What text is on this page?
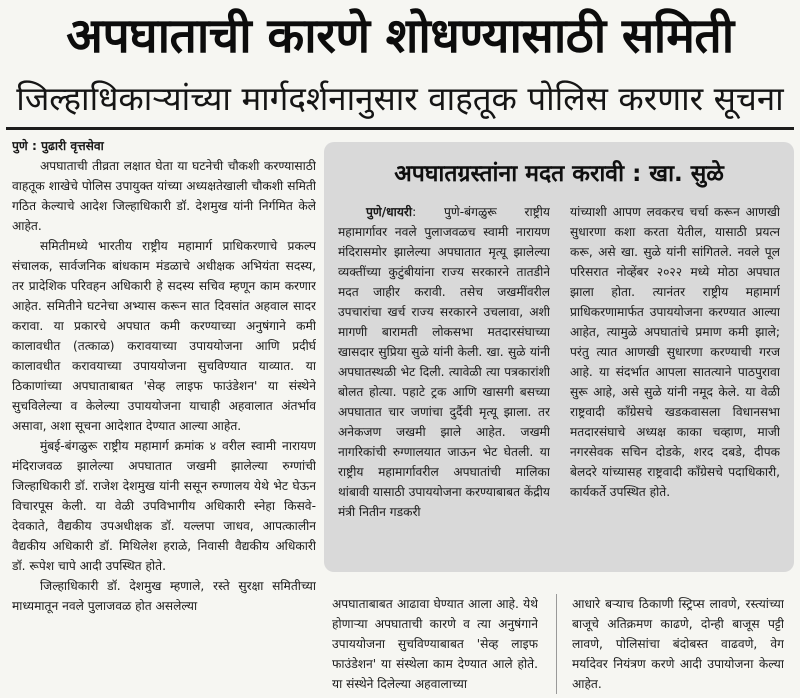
अपघाताची कारणे शोधण्यासाठी समिती
जिल्हाधिकाऱ्यांच्या मार्गदर्शनानुसार वाहतूक पोलिस करणार सूचना

पुणे : पुढारी वृत्तसेवा

अपघाताची तीव्रता लक्षात घेता या घटनेची चौकशी करण्यासाठी वाहतूक शाखेचे पोलिस उपायुक्त यांच्या अध्यक्षतेखाली चौकशी समिती गठित केल्याचे आदेश जिल्हाधिकारी डॉ. देशमुख यांनी निर्गमित केले आहेत.

समितीमध्ये भारतीय राष्ट्रीय महामार्ग प्राधिकरणाचे प्रकल्प संचालक, सार्वजनिक बांधकाम मंडळाचे अधीक्षक अभियंता सदस्य, तर प्रादेशिक परिवहन अधिकारी हे सदस्य सचिव म्हणून काम करणार आहेत. समितीने घटनेचा अभ्यास करून सात दिवसांत अहवाल सादर करावा. या प्रकारचे अपघात कमी करण्याच्या अनुषंगाने कमी कालावधीत (तत्काळ) करावयाच्या उपाययोजना आणि प्रदीर्घ कालावधीत करावयाच्या उपाययोजना सुचविण्यात याव्यात. या ठिकाणांच्या अपघाताबाबत 'सेव्ह लाइफ फाउंडेशन' या संस्थेने सुचविलेल्या व केलेल्या उपाययोजना याचाही अहवालात अंतर्भाव असावा, अशा सूचना आदेशात देण्यात आल्या आहेत.

मुंबई-बंगळुरू राष्ट्रीय महामार्ग क्रमांक ४ वरील स्वामी नारायण मंदिराजवळ झालेल्या अपघातात जखमी झालेल्या रुग्णांची जिल्हाधिकारी डॉ. राजेश देशमुख यांनी ससून रुग्णालय येथे भेट घेऊन विचारपूस केली. या वेळी उपविभागीय अधिकारी स्नेहा किसवे-देवकाते, वैद्यकीय उपअधीक्षक डॉ. यल्लपा जाधव, आपत्कालीन वैद्यकीय अधिकारी डॉ. मिथिलेश हराळे, निवासी वैद्यकीय अधिकारी डॉ. रूपेश चापे आदी उपस्थित होते.

जिल्हाधिकारी डॉ. देशमुख म्हणाले, रस्ते सुरक्षा समितीच्या माध्यमातून नवले पुलाजवळ होत असलेल्या

अपघातग्रस्तांना मदत करावी : खा. सुळे

पुणे/धायरी: पुणे-बंगळुरू राष्ट्रीय महामार्गावर नवले पुलाजवळच स्वामी नारायण मंदिरासमोर झालेल्या अपघातात मृत्यू झालेल्या व्यक्तींच्या कुटुंबीयांना राज्य सरकारने तातडीने मदत जाहीर करावी. तसेच जखमींवरील उपचारांचा खर्च राज्य सरकारने उचलावा, अशी मागणी बारामती लोकसभा मतदारसंघाच्या खासदार सुप्रिया सुळे यांनी केली. खा. सुळे यांनी अपघातस्थळी भेट दिली. त्यावेळी त्या पत्रकारांशी बोलत होत्या. पहाटे ट्रक आणि खासगी बसच्या अपघातात चार जणांचा दुर्दैवी मृत्यू झाला. तर अनेकजण जखमी झाले आहेत. जखमी नागरिकांची रुग्णालयात जाऊन भेट घेतली. या राष्ट्रीय महामार्गावरील अपघातांची मालिका थांबावी यासाठी उपाययोजना करण्याबाबत केंद्रीय मंत्री नितीन गडकरी

यांच्याशी आपण लवकरच चर्चा करून आणखी सुधारणा कशा करता येतील, यासाठी प्रयत्न करू, असे खा. सुळे यांनी सांगितले. नवले पूल परिसरात नोव्हेंबर २०२२ मध्ये मोठा अपघात झाला होता. त्यानंतर राष्ट्रीय महामार्ग प्राधिकरणामार्फत उपाययोजना करण्यात आल्या आहेत, त्यामुळे अपघातांचे प्रमाण कमी झाले; परंतु त्यात आणखी सुधारणा करण्याची गरज आहे. या संदर्भात आपला सातत्याने पाठपुरावा सुरू आहे, असे सुळे यांनी नमूद केले. या वेळी राष्ट्रवादी काँग्रेसचे खडकवासला विधानसभा मतदारसंघाचे अध्यक्ष काका चव्हाण, माजी नगरसेवक सचिन दोडके, शरद दबडे, दीपक बेलदरे यांच्यासह राष्ट्रवादी काँग्रेसचे पदाधिकारी, कार्यकर्ते उपस्थित होते.

अपघाताबाबत आढावा घेण्यात आला आहे. येथे होणाऱ्या अपघाताची कारणे व त्या अनुषंगाने उपाययोजना सुचविण्याबाबत 'सेव्ह लाइफ फाउंडेशन' या संस्थेला काम देण्यात आले होते. या संस्थेने दिलेल्या अहवालाच्या

आधारे बऱ्याच ठिकाणी स्ट्रिप्स लावणे, रस्त्यांच्या बाजूचे अतिक्रमण काढणे, दोन्ही बाजूस पट्टी लावणे, पोलिसांचा बंदोबस्त वाढवणे, वेग मर्यादेवर नियंत्रण करणे आदी उपायोजना केल्या आहेत.
